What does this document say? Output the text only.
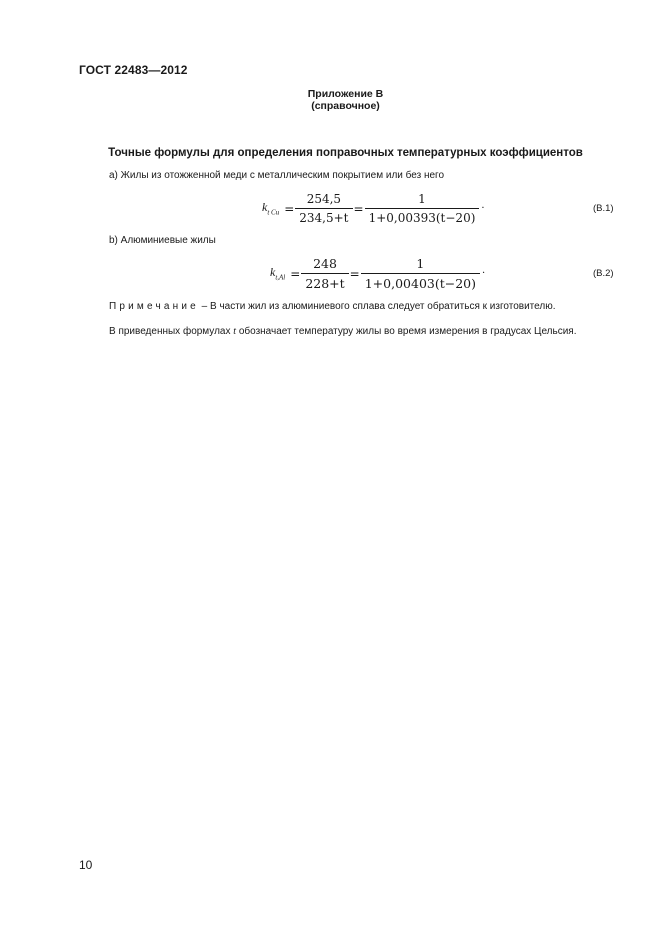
ГОСТ 22483—2012
Приложение В
(справочное)
Точные формулы для определения поправочных температурных коэффициентов
а) Жилы из отожженной меди с металлическим покрытием или без него
$k_{t Cu} = \frac{254,5}{234,5+t} = \frac{1}{1+0,00393(t-20)}$ ·	(В.1)
b) Алюминиевые жилы
$k_{t,Al} = \frac{248}{228+t} = \frac{1}{1+0,00403(t-20)}$ ·	(В.2)
Примечание – В части жил из алюминиевого сплава следует обратиться к изготовителю.
В приведенных формулах t обозначает температуру жилы во время измерения в градусах Цельсия.
10
